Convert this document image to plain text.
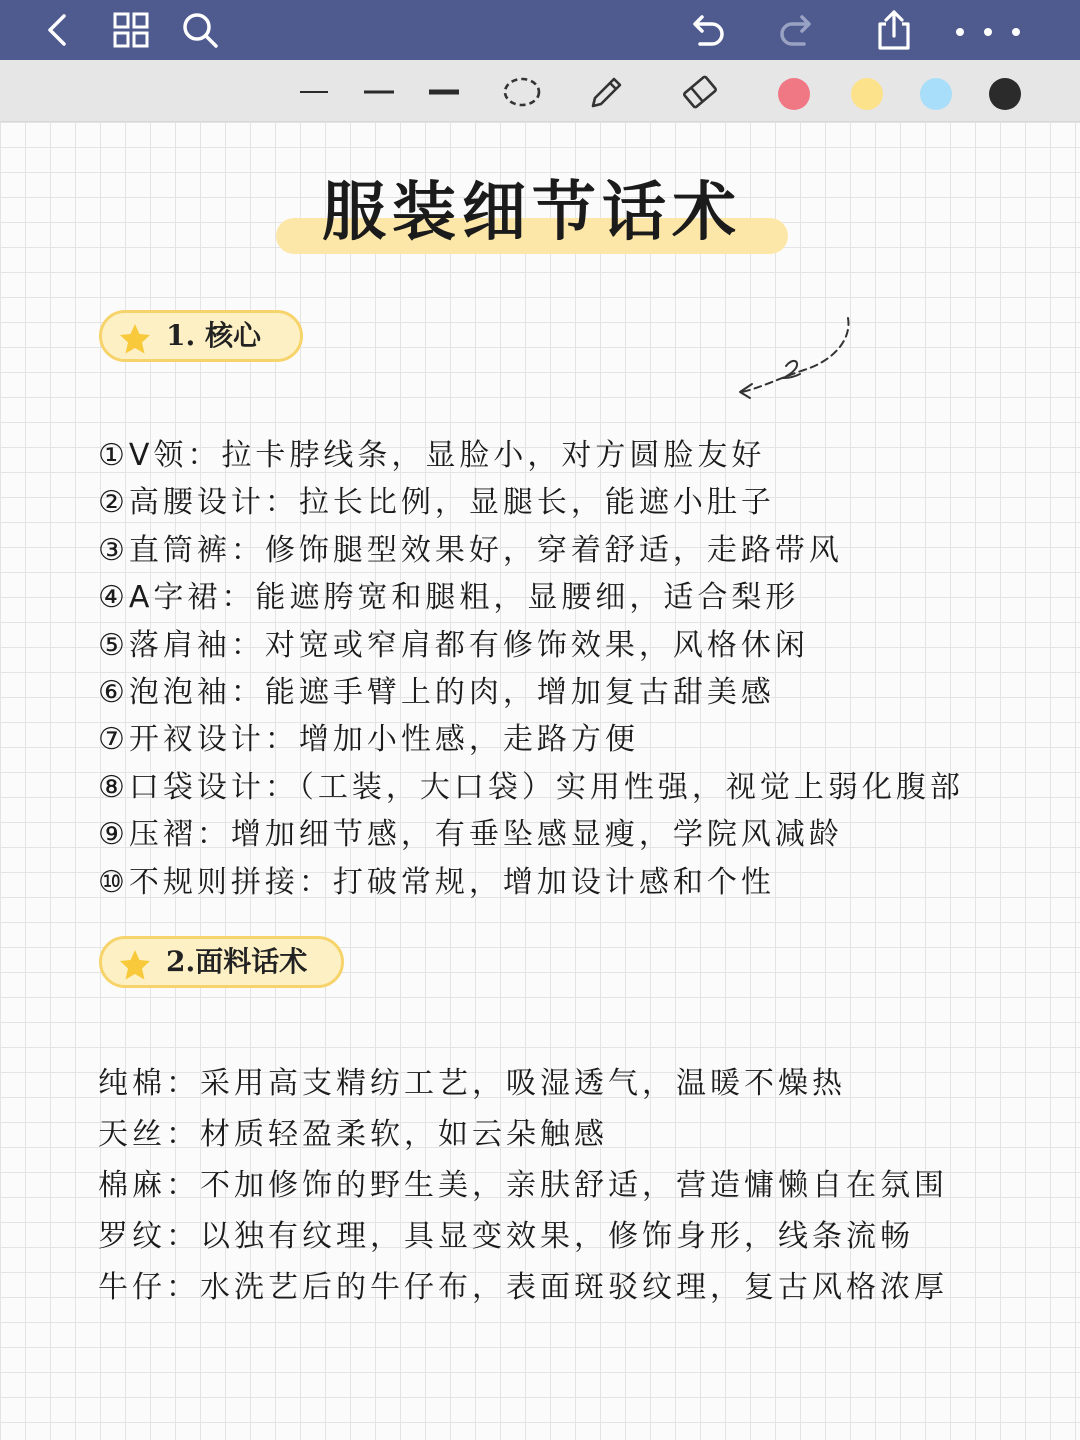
服装细节话术
1. 核心
①V领：拉卡脖线条，显脸小，对方圆脸友好
②高腰设计：拉长比例，显腿长，能遮小肚子
③直筒裤：修饰腿型效果好，穿着舒适，走路带风
④A字裙：能遮胯宽和腿粗，显腰细，适合梨形
⑤落肩袖：对宽或窄肩都有修饰效果，风格休闲
⑥泡泡袖：能遮手臂上的肉，增加复古甜美感
⑦开衩设计：增加小性感，走路方便
⑧口袋设计：（工装，大口袋）实用性强，视觉上弱化腹部
⑨压褶：增加细节感，有垂坠感显瘦，学院风减龄
⑩不规则拼接：打破常规，增加设计感和个性
2.面料话术
纯棉：采用高支精纺工艺，吸湿透气，温暖不燥热
天丝：材质轻盈柔软，如云朵触感
棉麻：不加修饰的野生美，亲肤舒适，营造慵懒自在氛围
罗纹：以独有纹理，具显变效果，修饰身形，线条流畅
牛仔：水洗艺后的牛仔布，表面斑驳纹理，复古风格浓厚
